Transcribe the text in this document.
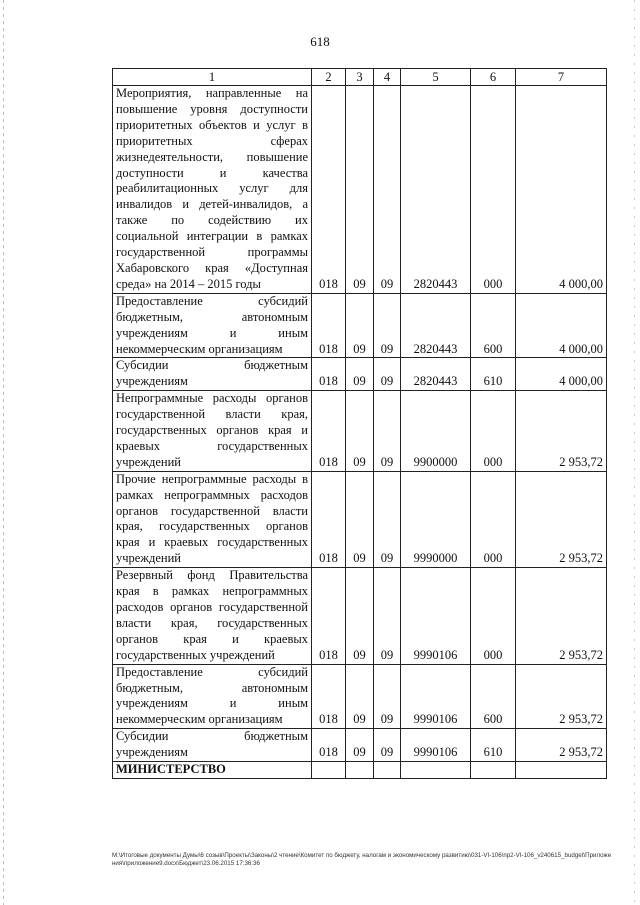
618
1	2	3	4	5	6	7
Мероприятия, направленные на повышение уровня доступности приоритетных объектов и услуг в приоритетных сферах жизнедеятельности, повышение доступности и качества реабилитационных услуг для инвалидов и детей-инвалидов, а также по содействию их социальной интеграции в рамках государственной программы Хабаровского края «Доступная среда» на 2014 – 2015 годы	018	09	09	2820443	000	4 000,00
Предоставление субсидий бюджетным, автономным учреждениям и иным некоммерческим организациям	018	09	09	2820443	600	4 000,00
Субсидии бюджетным учреждениям	018	09	09	2820443	610	4 000,00
Непрограммные расходы органов государственной власти края, государственных органов края и краевых государственных учреждений	018	09	09	9900000	000	2 953,72
Прочие непрограммные расходы в рамках непрограммных расходов органов государственной власти края, государственных органов края и краевых государственных учреждений	018	09	09	9990000	000	2 953,72
Резервный фонд Правительства края в рамках непрограммных расходов органов государственной власти края, государственных органов края и краевых государственных учреждений	018	09	09	9990106	000	2 953,72
Предоставление субсидий бюджетным, автономным учреждениям и иным некоммерческим организациям	018	09	09	9990106	600	2 953,72
Субсидии бюджетным учреждениям	018	09	09	9990106	610	2 953,72
МИНИСТЕРСТВО						
M:\Итоговые документы Думы\6 созыв\Проекты\Законы\2 чтение\Комитет по бюджету, налогам и экономическому развитию\031-VI-106\пр2-VI-106_v240615_budget\Приложения\приложение9.docx\Бюджет\23.06.2015 17:36:36
